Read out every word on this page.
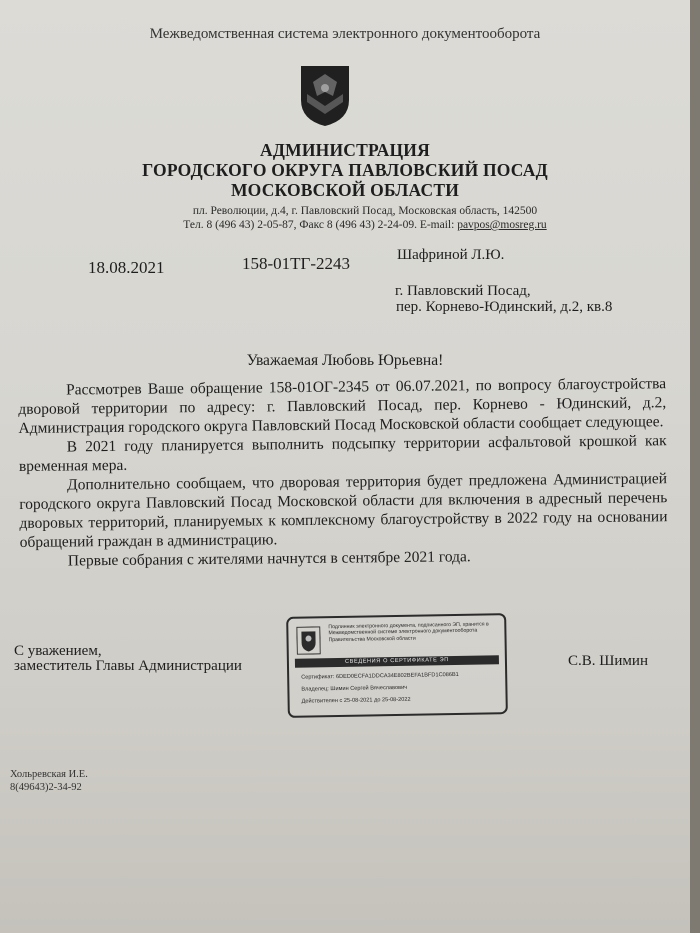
Межведомственная система электронного документооборота

АДМИНИСТРАЦИЯ

ГОРОДСКОГО ОКРУГА ПАВЛОВСКИЙ ПОСАД

МОСКОВСКОЙ ОБЛАСТИ

пл. Революции, д.4, г. Павловский Посад, Московская область, 142500

Тел. 8 (496 43) 2-05-87, Факс 8 (496 43) 2-24-09. E-mail: pavpos@mosreg.ru

18.08.2021	158-01ТГ-2243	Шафриной Л.Ю.

г. Павловский Посад,

пер. Корнево-Юдинский, д.2, кв.8

Уважаемая Любовь Юрьевна!

Рассмотрев Ваше обращение 158-01ОГ-2345 от 06.07.2021, по вопросу благоустройства дворовой территории по адресу: г. Павловский Посад, пер. Корнево - Юдинский, д.2, Администрация городского округа Павловский Посад Московской области сообщает следующее.

В 2021 году планируется выполнить подсыпку территории асфальтовой крошкой как временная мера.

Дополнительно сообщаем, что дворовая территория будет предложена Администрацией городского округа Павловский Посад Московской области для включения в адресный перечень дворовых территорий, планируемых к комплексному благоустройству в 2022 году на основании обращений граждан в администрацию.

Первые собрания с жителями начнутся в сентябре 2021 года.

С уважением,

заместитель Главы Администрации	С.В. Шимин

Подлинник электронного документа, подписанного ЭП, хранится в Межведомственной системе электронного документооборота Правительства Московской области
СВЕДЕНИЯ О СЕРТИФИКАТЕ ЭП
Сертификат: 6DED0ECFA1DDCA34E802BEFA1BFD1C086B1
Владелец: Шимин Сергей Вячеславович
Действителен с 25-08-2021 до 25-08-2022

Хольревская И.Е.

8(49643)2-34-92
